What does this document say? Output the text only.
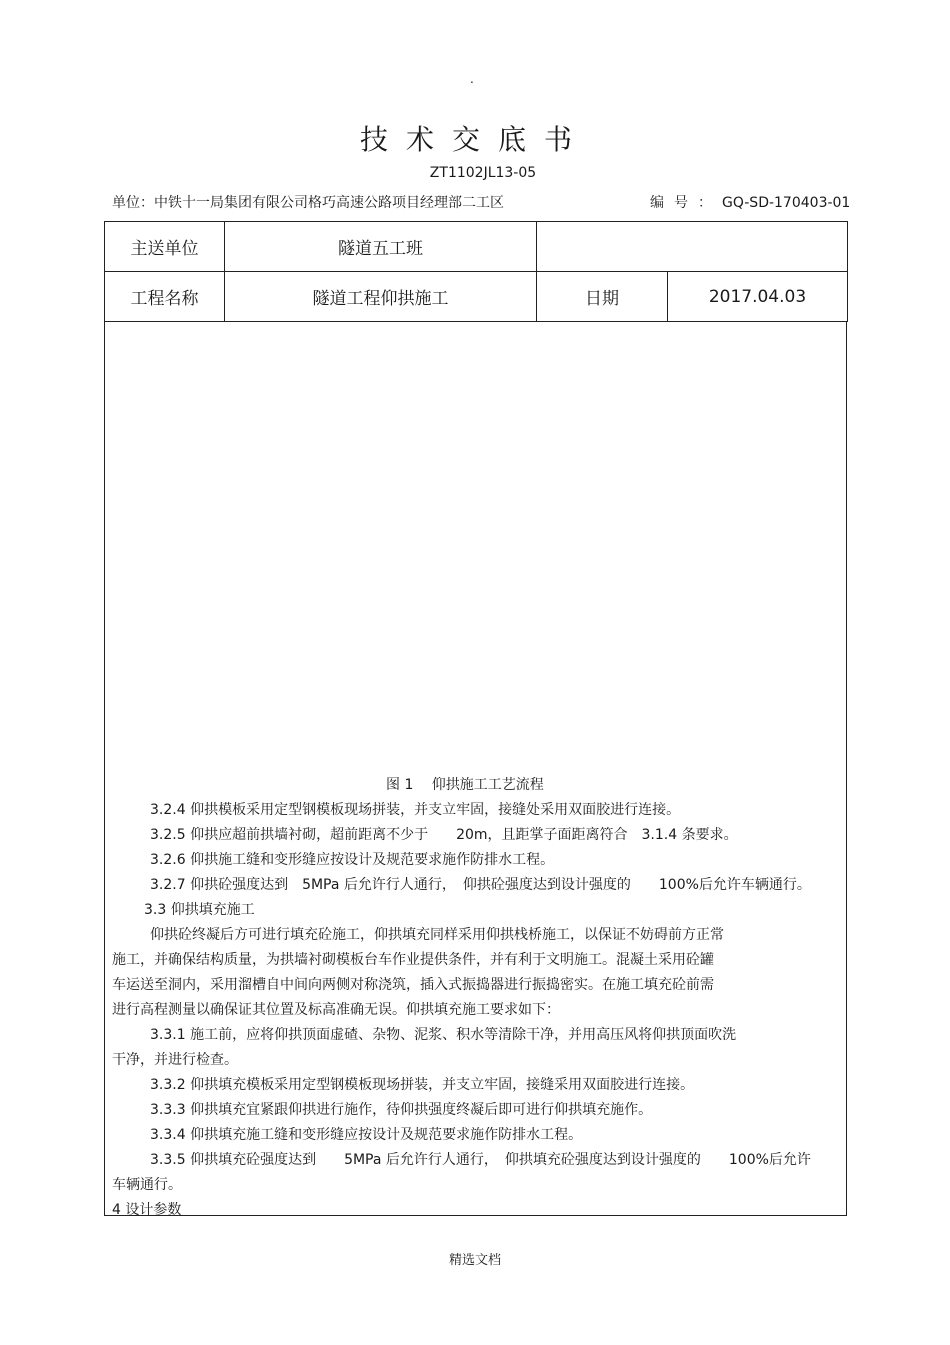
.
技术交底书
ZT1102JL13-05
单位：中铁十一局集团有限公司格巧高速公路项目经理部二工区	编号：GQ-SD-170403-01
主送单位	隧道五工班		
工程名称	隧道工程仰拱施工	日期	2017.04.03
图 1　 仰拱施工工艺流程
3.2.4 仰拱模板采用定型钢模板现场拼装，并支立牢固，接缝处采用双面胶进行连接。
3.2.5 仰拱应超前拱墙衬砌，超前距离不少于　　20m，且距掌子面距离符合　3.1.4 条要求。
3.2.6 仰拱施工缝和变形缝应按设计及规范要求施作防排水工程。
3.2.7 仰拱砼强度达到　5MPa 后允许行人通行，　仰拱砼强度达到设计强度的　　100%后允许车辆通行。
3.3 仰拱填充施工
仰拱砼终凝后方可进行填充砼施工，仰拱填充同样采用仰拱栈桥施工，以保证不妨碍前方正常
施工，并确保结构质量，为拱墙衬砌模板台车作业提供条件，并有利于文明施工。混凝土采用砼罐
车运送至洞内，采用溜槽自中间向两侧对称浇筑，插入式振捣器进行振捣密实。在施工填充砼前需
进行高程测量以确保证其位置及标高准确无误。仰拱填充施工要求如下：
3.3.1 施工前，应将仰拱顶面虚碴、杂物、泥浆、积水等清除干净，并用高压风将仰拱顶面吹洗
干净，并进行检查。
3.3.2 仰拱填充模板采用定型钢模板现场拼装，并支立牢固，接缝采用双面胶进行连接。
3.3.3 仰拱填充宜紧跟仰拱进行施作，待仰拱强度终凝后即可进行仰拱填充施作。
3.3.4 仰拱填充施工缝和变形缝应按设计及规范要求施作防排水工程。
3.3.5 仰拱填充砼强度达到　　5MPa 后允许行人通行，　仰拱填充砼强度达到设计强度的　　100%后允许
车辆通行。
4 设计参数
精选文档
